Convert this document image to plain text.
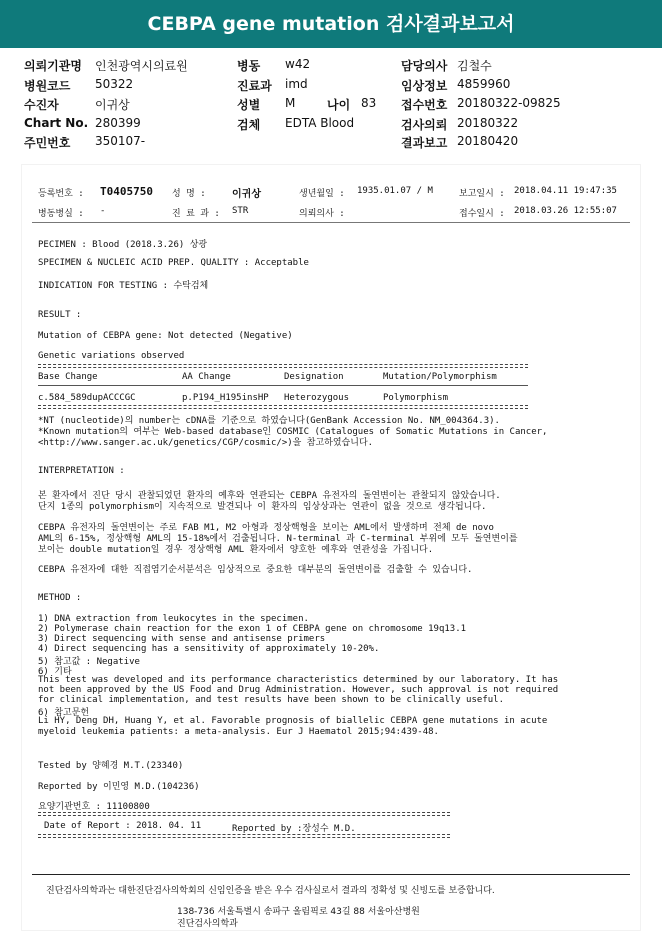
CEBPA gene mutation 검사결과보고서
의뢰기관명 인천광역시의료원
병원코드 50322
수진자	이귀상
Chart No. 280399
주민번호 350107-
병동 w42
진료과 imd
성별 M	나이 83
검체 EDTA Blood
담당의사 김철수
임상정보 4859960
접수번호 20180322-09825
검사의뢰 20180322
결과보고 20180420
등록번호 : T0405750 성 명 :	이귀상	생년월일 : 1935.01.07 / M	보고일시 : 2018.04.11 19:47:35
병동병실 : -	진 료 과 : STR	의뢰의사 :	접수일시 : 2018.03.26 12:55:07
PECIMEN : Blood (2018.3.26) 상광
SPECIMEN & NUCLEIC ACID PREP. QUALITY : Acceptable
INDICATION FOR TESTING : 수탁검체
RESULT :
Mutation of CEBPA gene: Not detected (Negative)
Genetic variations observed
Base Change	AA Change	Designation	Mutation/Polymorphism
c.584_589dupACCCGC	p.P194_H195insHP Heterozygous	Polymorphism
*NT (nucleotide)의 number는 cDNA를 기준으로 하였습니다(GenBank Accession No. NM_004364.3).
*Known mutation의 여부는 Web-based database인 COSMIC (Catalogues of Somatic Mutations in Cancer,
<http://www.sanger.ac.uk/genetics/CGP/cosmic/>)을 참고하였습니다.
INTERPRETATION :
본 환자에서 진단 당시 관찰되었던 환자의 예후와 연관되는 CEBPA 유전자의 돌연변이는 관찰되지 않았습니다.
단지 1종의 polymorphism이 지속적으로 발견되나 이 환자의 임상상과는 연관이 없을 것으로 생각됩니다.
CEBPA 유전자의 돌연변이는 주로 FAB M1, M2 아형과 정상핵형을 보이는 AML에서 발생하며 전체 de novo
AML의 6-15%, 정상핵형 AML의 15-18%에서 검출됩니다. N-terminal 과 C-terminal 부위에 모두 돌연변이를
보이는 double mutation일 경우 정상핵형 AML 환자에서 양호한 예후와 연관성을 가집니다.
CEBPA 유전자에 대한 직접염기순서분석은 임상적으로 중요한 대부분의 돌연변이를 검출할 수 있습니다.
METHOD :
1) DNA extraction from leukocytes in the specimen.
2) Polymerase chain reaction for the exon 1 of CEBPA gene on chromosome 19q13.1
3) Direct sequencing with sense and antisense primers
4) Direct sequencing has a sensitivity of approximately 10-20%.
5) 참고값 : Negative
6) 기타
This test was developed and its performance characteristics determined by our laboratory. It has
not been approved by the US Food and Drug Administration. However, such approval is not required
for clinical implementation, and test results have been shown to be clinically useful.
6) 참고문헌
Li HY, Deng DH, Huang Y, et al. Favorable prognosis of biallelic CEBPA gene mutations in acute
myeloid leukemia patients: a meta-analysis. Eur J Haematol 2015;94:439-48.
Tested by 양혜경 M.T.(23340)
Reported by 이민영 M.D.(104236)
요양기관번호 : 11100800
Date of Report : 2018. 04. 11	Reported by :장성수 M.D.
진단검사의학과는 대한진단검사의학회의 신임인증을 받은 우수 검사실로서 결과의 정확성 및 신빙도를 보증합니다.
138-736 서울특별시 송파구 올림픽로 43길 88 서울아산병원
진단검사의학과
